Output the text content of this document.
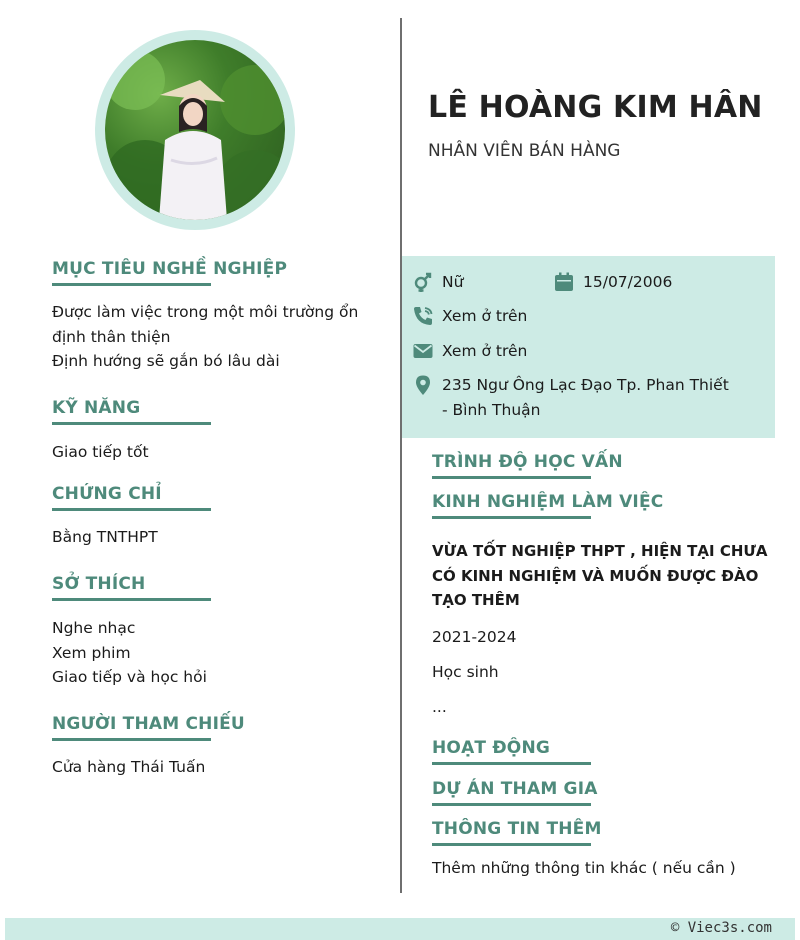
LÊ HOÀNG KIM HÂN
NHÂN VIÊN BÁN HÀNG
MỤC TIÊU NGHỀ NGHIỆP
Được làm việc trong một môi trường ổn
định thân thiện
Định hướng sẽ gắn bó lâu dài
KỸ NĂNG
Giao tiếp tốt
CHỨNG CHỈ
Bằng TNTHPT
SỞ THÍCH
Nghe nhạc
Xem phim
Giao tiếp và học hỏi
NGƯỜI THAM CHIẾU
Cửa hàng Thái Tuấn
Nữ	15/07/2006
Xem ở trên
Xem ở trên
235 Ngư Ông Lạc Đạo Tp. Phan Thiết
- Bình Thuận
TRÌNH ĐỘ HỌC VẤN
KINH NGHIỆM LÀM VIỆC
VỪA TỐT NGHIỆP THPT , HIỆN TẠI CHƯA
CÓ KINH NGHIỆM VÀ MUỐN ĐƯỢC ĐÀO
TẠO THÊM
2021-2024
Học sinh
...
HOẠT ĐỘNG
DỰ ÁN THAM GIA
THÔNG TIN THÊM
Thêm những thông tin khác ( nếu cần )
© Viec3s.com
